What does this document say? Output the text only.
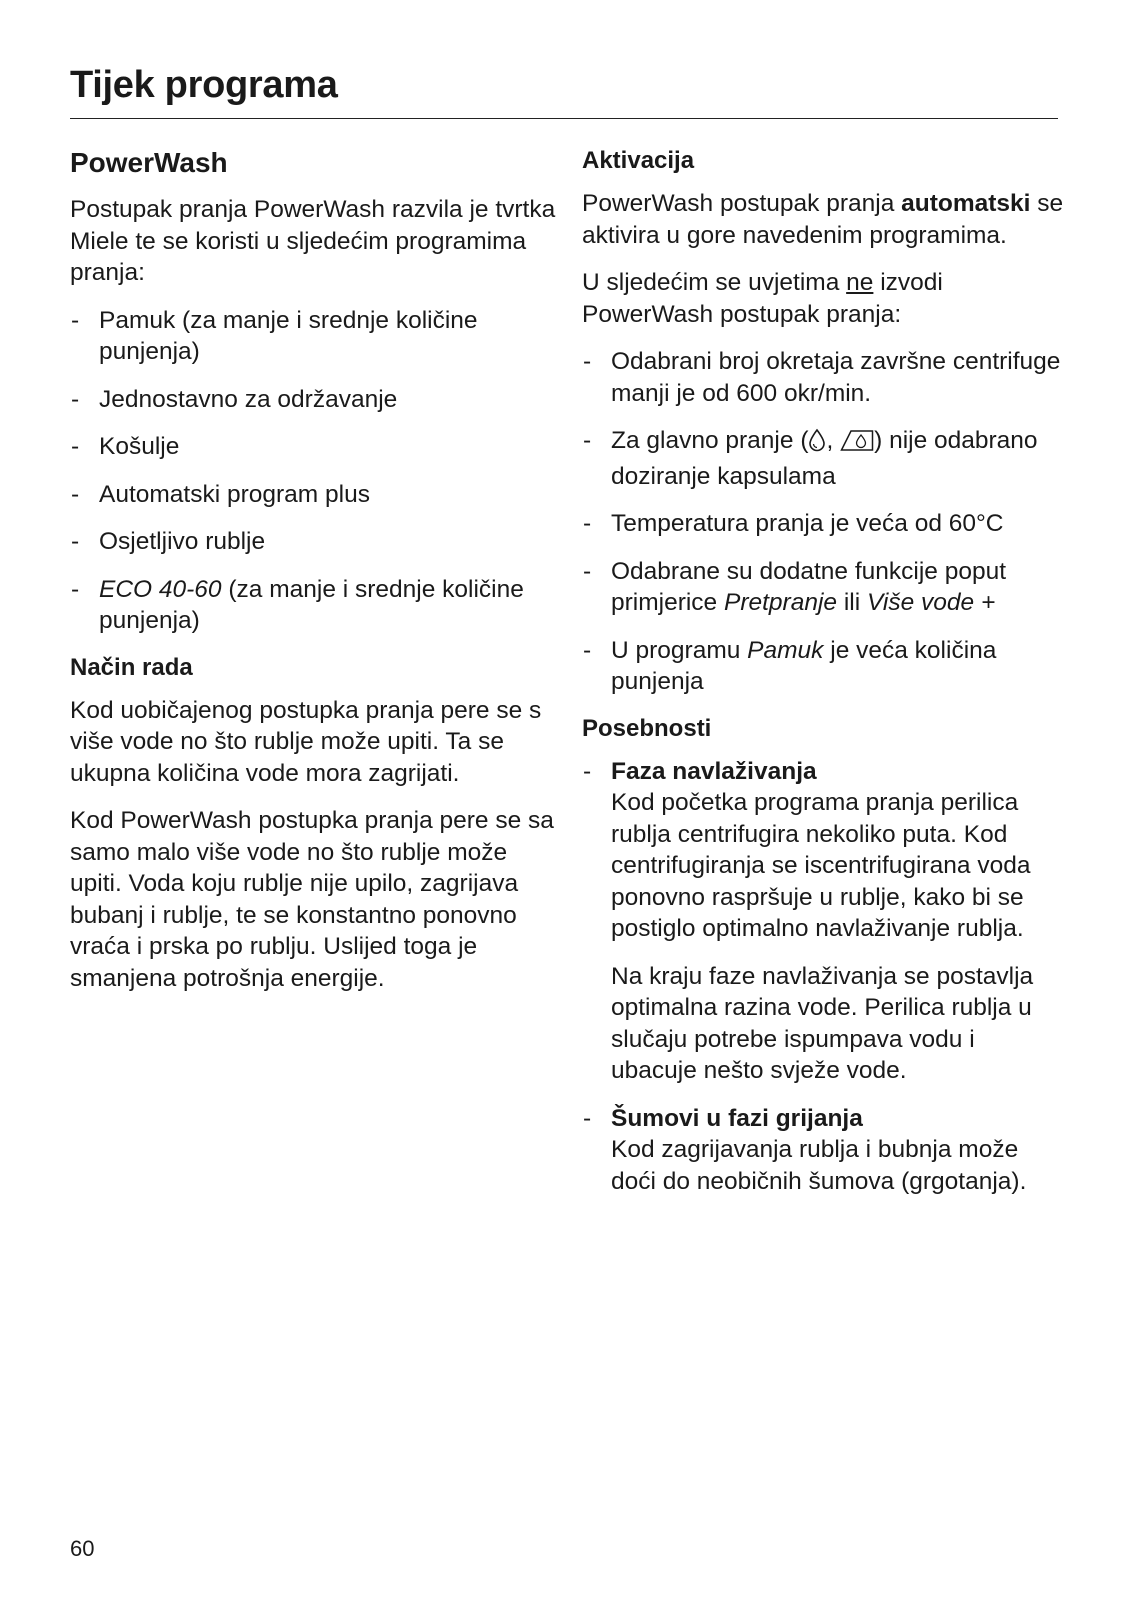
Tijek programa
PowerWash

Postupak pranja PowerWash razvila je tvrtka Miele te se koristi u sljedećim programima pranja:

- Pamuk (za manje i srednje količine punjenja)
- Jednostavno za održavanje
- Košulje
- Automatski program plus
- Osjetljivo rublje
- ECO 40-60 (za manje i srednje količine punjenja)
Način rada

Kod uobičajenog postupka pranja pere se s više vode no što rublje može upiti. Ta se ukupna količina vode mora zagrijati.

Kod PowerWash postupka pranja pere se sa samo malo više vode no što rublje može upiti. Voda koju rublje nije upilo, zagrijava bubanj i rublje, te se konstantno ponovno vraća i prska po rublju. Uslijed toga je smanjena potrošnja energije.

Aktivacija

PowerWash postupak pranja automatski se aktivira u gore navedenim programima.

U sljedećim se uvjetima ne izvodi PowerWash postupak pranja:

- Odabrani broj okretaja završne centrifuge manji je od 600 okr/min.
- Za glavno pranje ( , ) nije odabrano doziranje kapsulama
- Temperatura pranja je veća od 60°C
- Odabrane su dodatne funkcije poput primjerice Pretpranje ili Više vode +
- U programu Pamuk je veća količina punjenja
Posebnosti
- Faza navlaživanja
Kod početka programa pranja perilica rublja centrifugira nekoliko puta. Kod centrifugiranja se iscentrifugirana voda ponovno raspršuje u rublje, kako bi se postiglo optimalno navlaživanje rublja.

Na kraju faze navlaživanja se postavlja optimalna razina vode. Perilica rublja u slučaju potrebe ispumpava vodu i ubacuje nešto svježe vode.

- Šumovi u fazi grijanja
Kod zagrijavanja rublja i bubnja može doći do neobičnih šumova (grgotanja).
60
